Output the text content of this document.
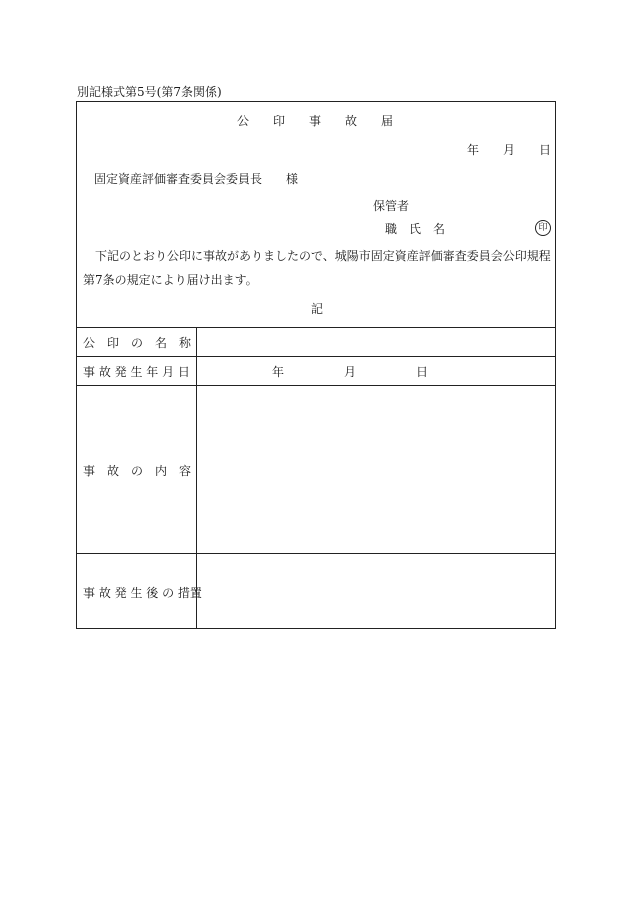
別記様式第5号(第7条関係)
公　　印　　事　　故　　届
年　　月　　日
固定資産評価審査委員会委員長　　様
保管者
職　氏　名	印
下記のとおり公印に事故がありましたので、城陽市固定資産評価審査委員会公印規程第7条の規定により届け出ます。
記
公　印　の　名　称
事 故 発 生 年 月 日	年　　　　　月　　　　　日
事　故　の　内　容
事 故 発 生 後 の 措置
